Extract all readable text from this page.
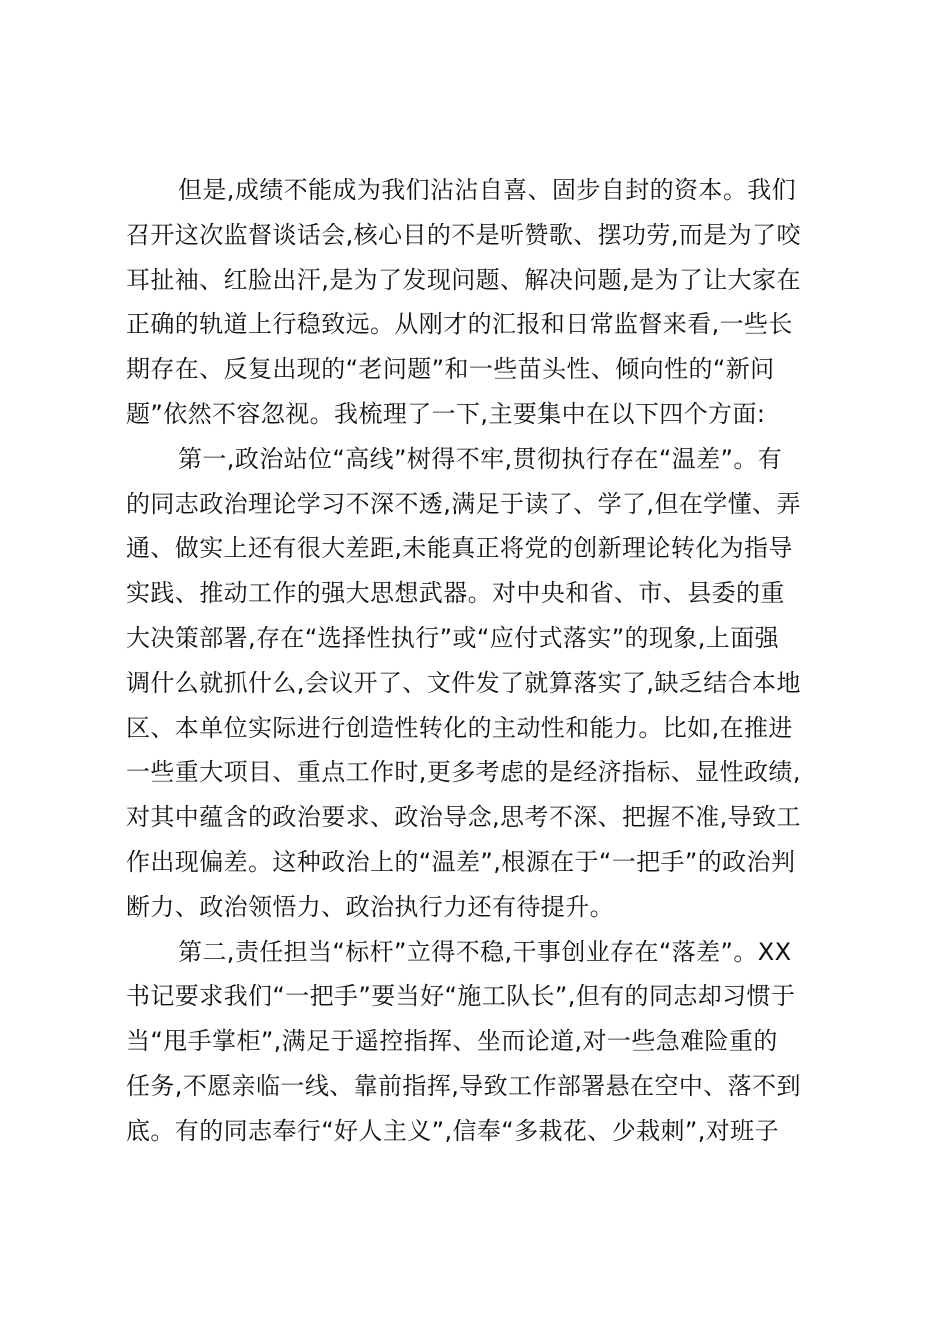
但是,成绩不能成为我们沾沾自喜、固步自封的资本。我们
召开这次监督谈话会,核心目的不是听赞歌、摆功劳,而是为了咬
耳扯袖、红脸出汗,是为了发现问题、解决问题,是为了让大家在
正确的轨道上行稳致远。从刚才的汇报和日常监督来看,一些长
期存在、反复出现的“老问题”和一些苗头性、倾向性的“新问
题”依然不容忽视。我梳理了一下,主要集中在以下四个方面:
第一,政治站位“高线”树得不牢,贯彻执行存在“温差”。有
的同志政治理论学习不深不透,满足于读了、学了,但在学懂、弄
通、做实上还有很大差距,未能真正将党的创新理论转化为指导
实践、推动工作的强大思想武器。对中央和省、市、县委的重
大决策部署,存在“选择性执行”或“应付式落实”的现象,上面强
调什么就抓什么,会议开了、文件发了就算落实了,缺乏结合本地
区、本单位实际进行创造性转化的主动性和能力。比如,在推进
一些重大项目、重点工作时,更多考虑的是经济指标、显性政绩,
对其中蕴含的政治要求、政治导念,思考不深、把握不准,导致工
作出现偏差。这种政治上的“温差”,根源在于“一把手”的政治判
断力、政治领悟力、政治执行力还有待提升。
第二,责任担当“标杆”立得不稳,干事创业存在“落差”。XX
书记要求我们“一把手”要当好“施工队长”,但有的同志却习惯于
当“甩手掌柜”,满足于遥控指挥、坐而论道,对一些急难险重的
任务,不愿亲临一线、靠前指挥,导致工作部署悬在空中、落不到
底。有的同志奉行“好人主义”,信奉“多栽花、少栽刺”,对班子
